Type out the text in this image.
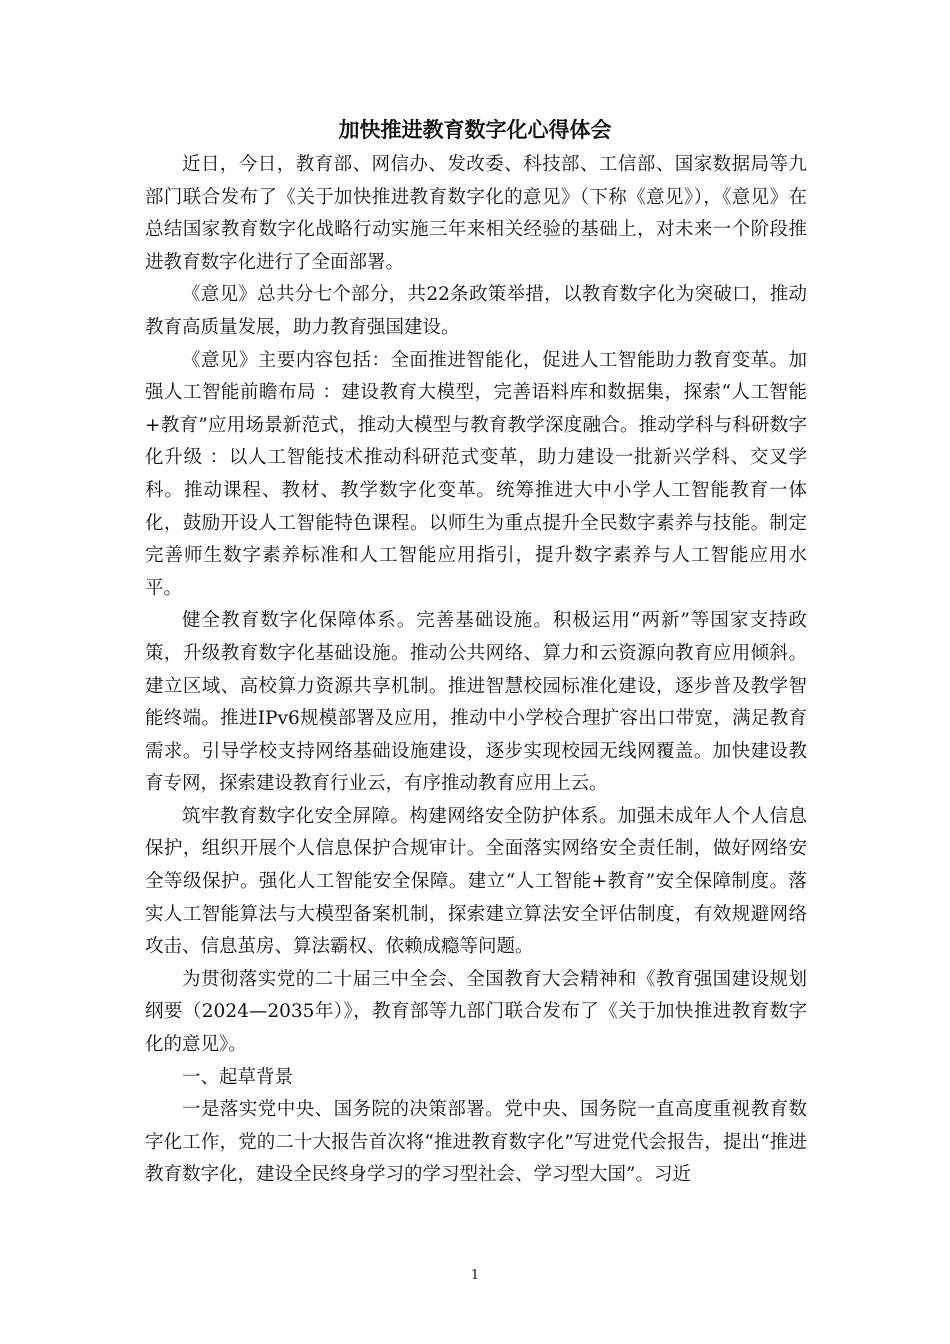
加快推进教育数字化心得体会

近日，今日，教育部、网信办、发改委、科技部、工信部、国家数据局等九部门联合发布了《关于加快推进教育数字化的意见》（下称《意见》），《意见》在总结国家教育数字化战略行动实施三年来相关经验的基础上，对未来一个阶段推进教育数字化进行了全面部署。

《意见》总共分七个部分，共22条政策举措，以教育数字化为突破口，推动教育高质量发展，助力教育强国建设。

《意见》主要内容包括：全面推进智能化，促进人工智能助力教育变革。加强人工智能前瞻布局 ：建设教育大模型，完善语料库和数据集，探索“人工智能+教育”应用场景新范式，推动大模型与教育教学深度融合。推动学科与科研数字化升级 ：以人工智能技术推动科研范式变革，助力建设一批新兴学科、交叉学科。推动课程、教材、教学数字化变革。统筹推进大中小学人工智能教育一体化，鼓励开设人工智能特色课程。以师生为重点提升全民数字素养与技能。制定完善师生数字素养标准和人工智能应用指引，提升数字素养与人工智能应用水平。

健全教育数字化保障体系。完善基础设施。积极运用“两新”等国家支持政策，升级教育数字化基础设施。推动公共网络、算力和云资源向教育应用倾斜。建立区域、高校算力资源共享机制。推进智慧校园标准化建设，逐步普及教学智能终端。推进IPv6规模部署及应用，推动中小学校合理扩容出口带宽，满足教育需求。引导学校支持网络基础设施建设，逐步实现校园无线网覆盖。加快建设教育专网，探索建设教育行业云，有序推动教育应用上云。

筑牢教育数字化安全屏障。构建网络安全防护体系。加强未成年人个人信息保护，组织开展个人信息保护合规审计。全面落实网络安全责任制，做好网络安全等级保护。强化人工智能安全保障。建立“人工智能+教育”安全保障制度。落实人工智能算法与大模型备案机制，探索建立算法安全评估制度，有效规避网络攻击、信息茧房、算法霸权、依赖成瘾等问题。

为贯彻落实党的二十届三中全会、全国教育大会精神和《教育强国建设规划纲要（2024—2035年）》，教育部等九部门联合发布了《关于加快推进教育数字化的意见》。

一、起草背景

一是落实党中央、国务院的决策部署。党中央、国务院一直高度重视教育数字化工作，党的二十大报告首次将“推进教育数字化”写进党代会报告，提出“推进教育数字化，建设全民终身学习的学习型社会、学习型大国”。习近

1
